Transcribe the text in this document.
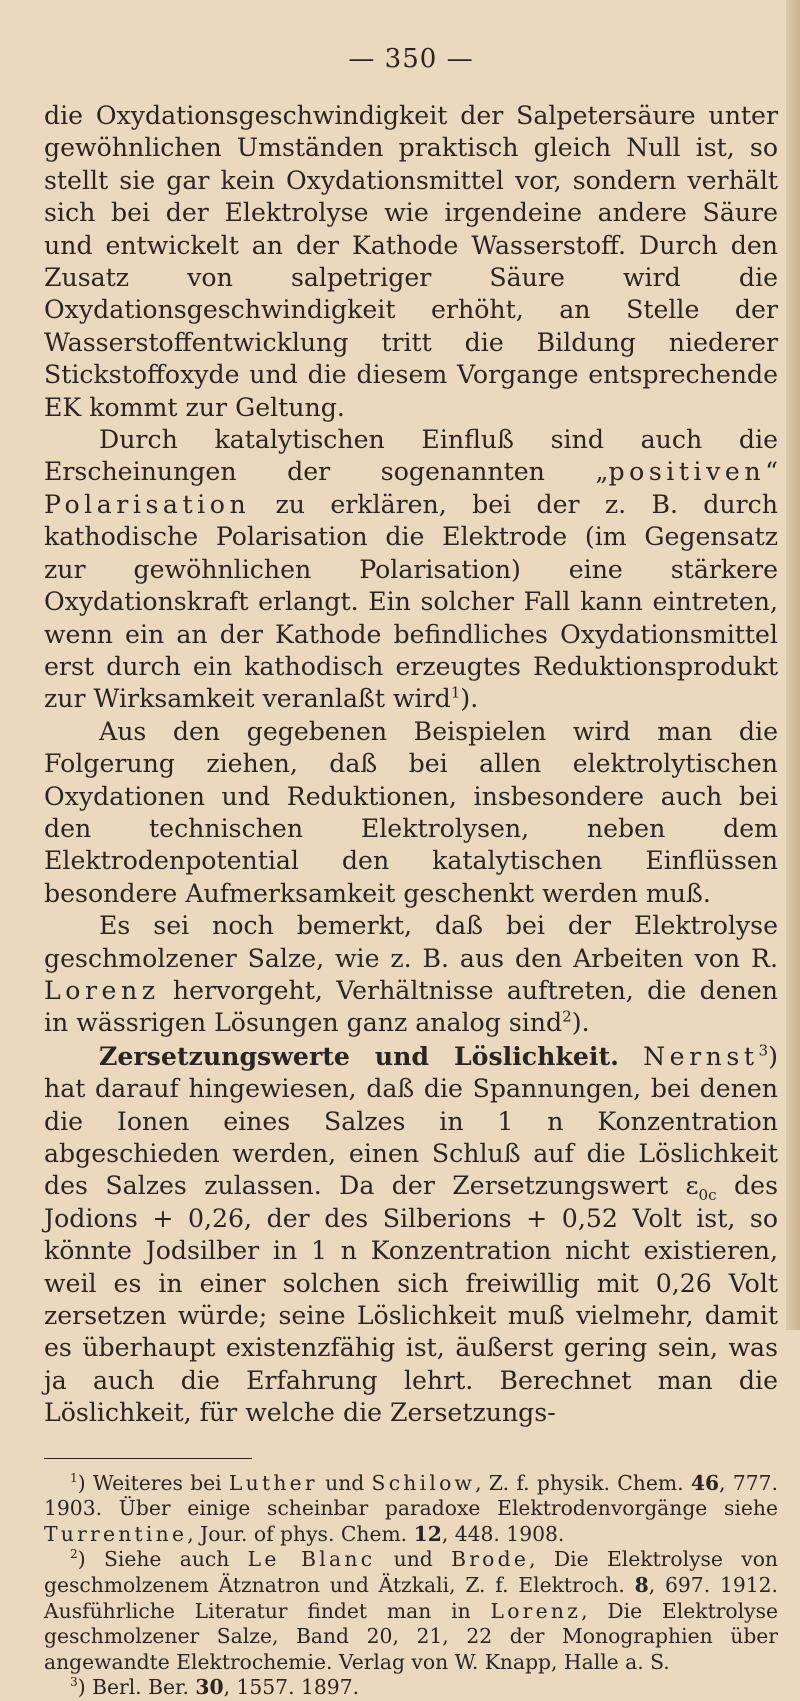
— 350 —

die Oxydationsgeschwindigkeit der Salpetersäure unter gewöhnlichen Umständen praktisch gleich Null ist, so stellt sie gar kein Oxydationsmittel vor, sondern verhält sich bei der Elektrolyse wie irgendeine andere Säure und entwickelt an der Kathode Wasserstoff. Durch den Zusatz von salpetriger Säure wird die Oxydationsgeschwindigkeit erhöht, an Stelle der Wasserstoffentwicklung tritt die Bildung niederer Stickstoffoxyde und die diesem Vorgange entsprechende EK kommt zur Geltung.

Durch katalytischen Einfluß sind auch die Erscheinungen der sogenannten „positiven“ Polarisation zu erklären, bei der z. B. durch kathodische Polarisation die Elektrode (im Gegensatz zur gewöhnlichen Polarisation) eine stärkere Oxydationskraft erlangt. Ein solcher Fall kann eintreten, wenn ein an der Kathode befindliches Oxydationsmittel erst durch ein kathodisch erzeugtes Reduktionsprodukt zur Wirksamkeit veranlaßt wird$^1$).

Aus den gegebenen Beispielen wird man die Folgerung ziehen, daß bei allen elektrolytischen Oxydationen und Reduktionen, insbesondere auch bei den technischen Elektrolysen, neben dem Elektrodenpotential den katalytischen Einflüssen besondere Aufmerksamkeit geschenkt werden muß.

Es sei noch bemerkt, daß bei der Elektrolyse geschmolzener Salze, wie z. B. aus den Arbeiten von R. Lorenz hervorgeht, Verhältnisse auftreten, die denen in wässrigen Lösungen ganz analog sind$^2$).

Zersetzungswerte und Löslichkeit. Nernst$^3$) hat darauf hingewiesen, daß die Spannungen, bei denen die Ionen eines Salzes in 1 n Konzentration abgeschieden werden, einen Schluß auf die Löslichkeit des Salzes zulassen. Da der Zersetzungswert $\varepsilon_{0c}$ des Jodions + 0,26, der des Silberions + 0,52 Volt ist, so könnte Jodsilber in 1 n Konzentration nicht existieren, weil es in einer solchen sich freiwillig mit 0,26 Volt zersetzen würde; seine Löslichkeit muß vielmehr, damit es überhaupt existenzfähig ist, äußerst gering sein, was ja auch die Erfahrung lehrt. Berechnet man die Löslichkeit, für welche die Zersetzungs-

$^1$) Weiteres bei Luther und Schilow, Z. f. physik. Chem. 46, 777. 1903. Über einige scheinbar paradoxe Elektrodenvorgänge siehe Turrentine, Jour. of phys. Chem. 12, 448. 1908.

$^2$) Siehe auch Le Blanc und Brode, Die Elektrolyse von geschmolzenem Ätznatron und Ätzkali, Z. f. Elektroch. 8, 697. 1912. Ausführliche Literatur findet man in Lorenz, Die Elektrolyse geschmolzener Salze, Band 20, 21, 22 der Monographien über angewandte Elektrochemie. Verlag von W. Knapp, Halle a. S.

$^3$) Berl. Ber. 30, 1557. 1897.
